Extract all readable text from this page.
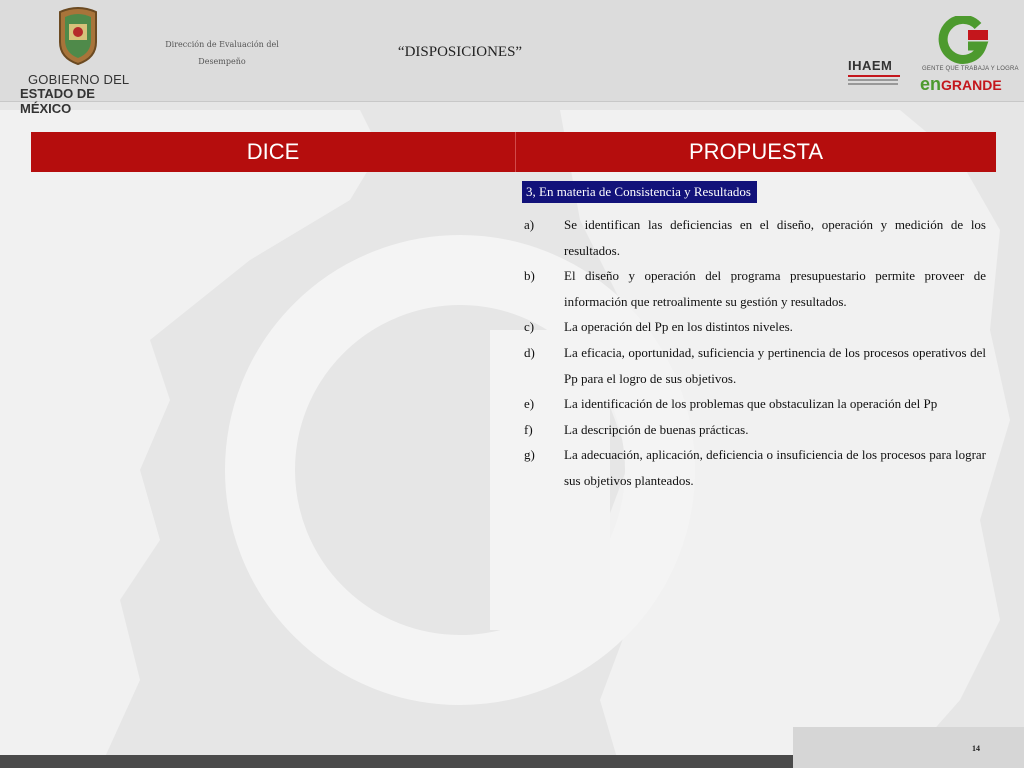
GOBIERNO DEL
ESTADO DE MÉXICO
Dirección de Evaluación del
Desempeño
“DISPOSICIONES”
IHAEM	GENTE QUE TRABAJA Y LOGRA
enGRANDE
DICE	PROPUESTA
3, En materia de Consistencia y Resultados
a) Se identifican las deficiencias en el diseño, operación y medición de los resultados.
b) El diseño y operación del programa presupuestario permite proveer de información que retroalimente su gestión y resultados.
c) La operación del Pp en los distintos niveles.
d) La eficacia, oportunidad, suficiencia y pertinencia de los procesos operativos del Pp para el logro de sus objetivos.
e) La identificación de los problemas que obstaculizan la operación del Pp
f) La descripción de buenas prácticas.
g) La adecuación, aplicación, deficiencia o insuficiencia de los procesos para lograr sus objetivos planteados.
14
